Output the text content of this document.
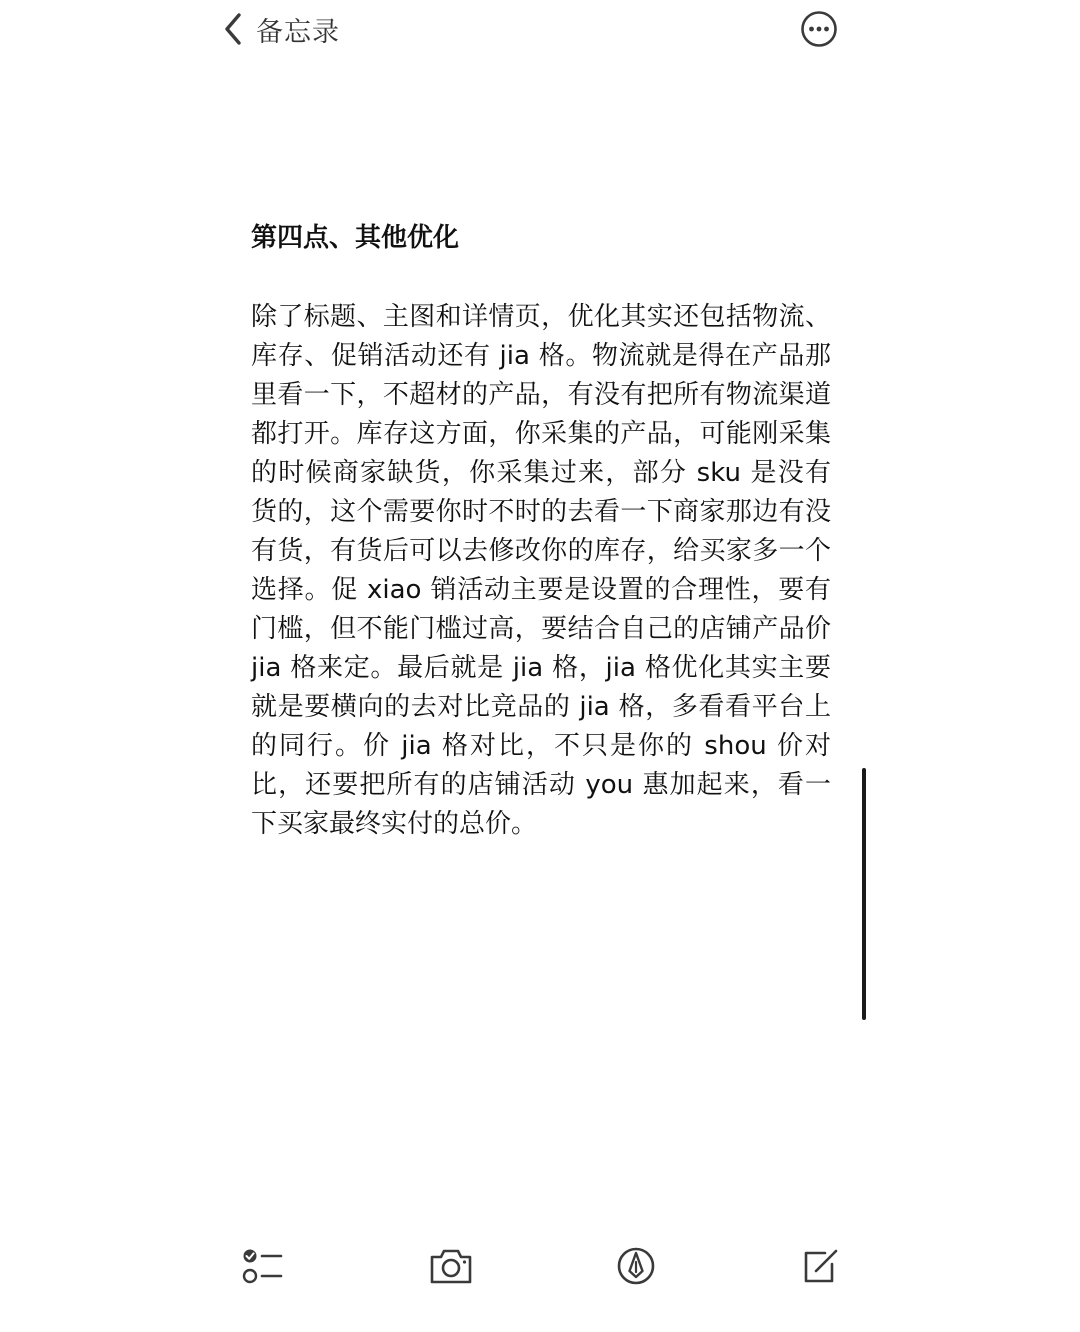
备忘录
第四点、其他优化

除了标题、主图和详情页，优化其实还包括物流、库存、促销活动还有 jia 格。物流就是得在产品那里看一下，不超材的产品，有没有把所有物流渠道都打开。库存这方面，你采集的产品，可能刚采集的时候商家缺货，你采集过来，部分 sku 是没有货的，这个需要你时不时的去看一下商家那边有没有货，有货后可以去修改你的库存，给买家多一个选择。促 xiao 销活动主要是设置的合理性，要有门槛，但不能门槛过高，要结合自己的店铺产品价 jia 格来定。最后就是 jia 格，jia 格优化其实主要就是要横向的去对比竞品的 jia 格，多看看平台上的同行。价 jia 格对比，不只是你的 shou 价对比，还要把所有的店铺活动 you 惠加起来，看一下买家最终实付的总价。
